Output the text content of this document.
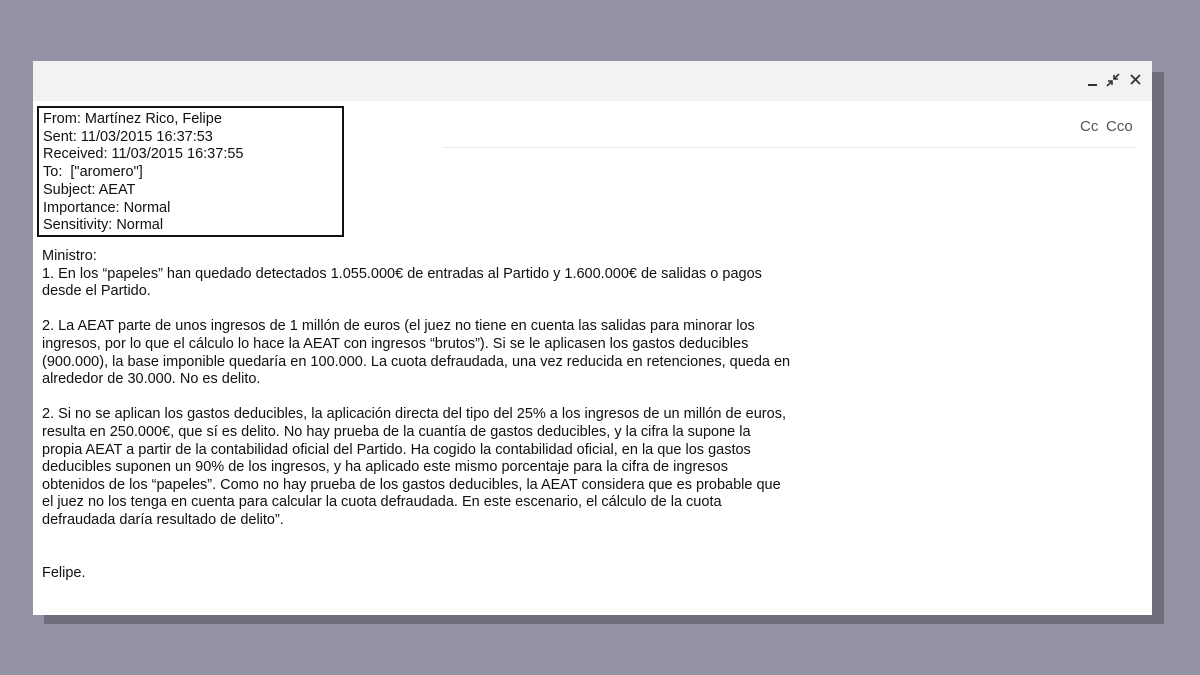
Cc Cco
From: Martínez Rico, Felipe
Sent: 11/03/2015 16:37:53
Received: 11/03/2015 16:37:55
To:  ["aromero"]
Subject: AEAT
Importance: Normal
Sensitivity: Normal
Ministro:
1. En los “papeles” han quedado detectados 1.055.000€ de entradas al Partido y 1.600.000€ de salidas o pagos
desde el Partido.
2. La AEAT parte de unos ingresos de 1 millón de euros (el juez no tiene en cuenta las salidas para minorar los
ingresos, por lo que el cálculo lo hace la AEAT con ingresos “brutos”). Si se le aplicasen los gastos deducibles
(900.000), la base imponible quedaría en 100.000. La cuota defraudada, una vez reducida en retenciones, queda en
alrededor de 30.000. No es delito.
2. Si no se aplican los gastos deducibles, la aplicación directa del tipo del 25% a los ingresos de un millón de euros,
resulta en 250.000€, que sí es delito. No hay prueba de la cuantía de gastos deducibles, y la cifra la supone la
propia AEAT a partir de la contabilidad oficial del Partido. Ha cogido la contabilidad oficial, en la que los gastos
deducibles suponen un 90% de los ingresos, y ha aplicado este mismo porcentaje para la cifra de ingresos
obtenidos de los “papeles”. Como no hay prueba de los gastos deducibles, la AEAT considera que es probable que
el juez no los tenga en cuenta para calcular la cuota defraudada. En este escenario, el cálculo de la cuota
defraudada daría resultado de delito”.
Felipe.
